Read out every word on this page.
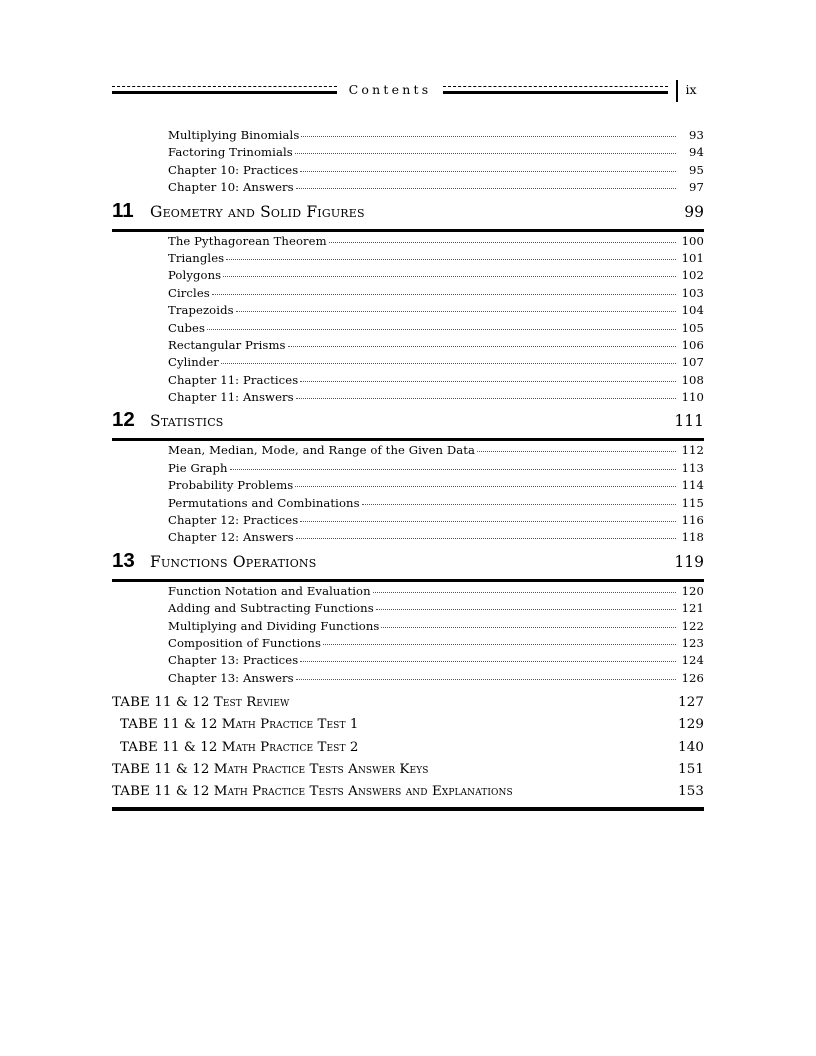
Contents	ix
Multiplying Binomials	93
Factoring Trinomials	94
Chapter 10: Practices	95
Chapter 10: Answers	97
11	Geometry and Solid Figures	99
The Pythagorean Theorem	100
Triangles	101
Polygons	102
Circles	103
Trapezoids	104
Cubes	105
Rectangular Prisms	106
Cylinder	107
Chapter 11: Practices	108
Chapter 11: Answers	110
12 Statistics	111
Mean, Median, Mode, and Range of the Given Data	112
Pie Graph	113
Probability Problems	114
Permutations and Combinations	115
Chapter 12: Practices	116
Chapter 12: Answers	118
13 Functions Operations	119
Function Notation and Evaluation	120
Adding and Subtracting Functions	121
Multiplying and Dividing Functions	122
Composition of Functions	123
Chapter 13: Practices	124
Chapter 13: Answers	126
TABE 11 & 12 Test Review	127
TABE 11 & 12 Math Practice Test 1	129
TABE 11 & 12 Math Practice Test 2	140
TABE 11 & 12 Math Practice Tests Answer Keys	151
TABE 11 & 12 Math Practice Tests Answers and Explanations	153
